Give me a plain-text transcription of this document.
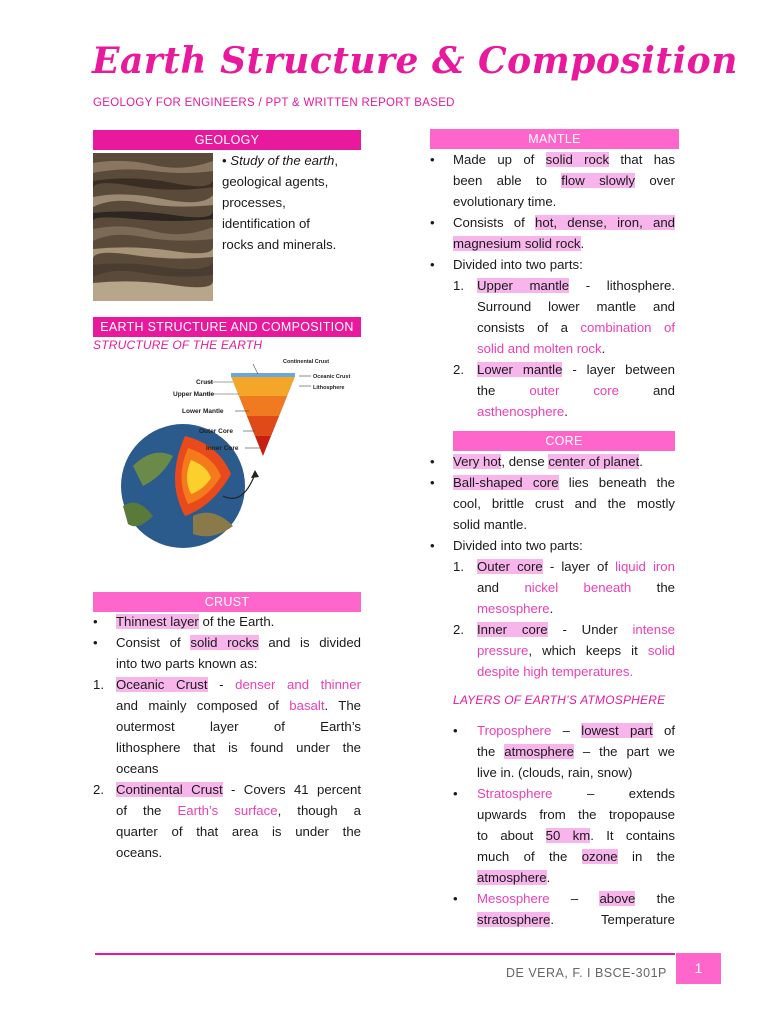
Earth Structure & Composition
GEOLOGY FOR ENGINEERS / PPT & WRITTEN REPORT BASED
GEOLOGY
• Study of the earth,
geological agents,
processes,
identification of
rocks and minerals.
EARTH STRUCTURE AND COMPOSITION
STRUCTURE OF THE EARTH
Continental Crust
Oceanic Crust
Lithosphere
Crust
Upper Mantle
Lower Mantle
Outer Core
Inner Core
CRUST
• Thinnest layer of the Earth.
• Consist of solid rocks and is divided
into two parts known as:
1. Oceanic Crust - denser and thinner
and mainly composed of basalt. The
outermost	layer	of	Earth’s
lithosphere that is found under the
oceans
2. Continental Crust - Covers 41 percent
of the Earth’s surface, though a
quarter of that area is under the
oceans.
MANTLE
• Made up of solid rock that has
been able to flow slowly over
evolutionary time.
• Consists of hot, dense, iron, and
magnesium solid rock.
• Divided into two parts:
1. Upper mantle - lithosphere.
Surround lower mantle and
consists of a combination of
solid and molten rock.
2. Lower mantle - layer between
the	outer core	and
asthenosphere.
CORE
• Very hot, dense center of planet.
• Ball-shaped core lies beneath the
cool, brittle crust and the mostly
solid mantle.
• Divided into two parts:
1. Outer core - layer of liquid iron
and nickel beneath the
mesosphere.
2. Inner core - Under intense
pressure, which keeps it solid
despite high temperatures.
LAYERS OF EARTH’S ATMOSPHERE
• Troposphere – lowest part of
the atmosphere – the part we
live in. (clouds, rain, snow)
• Stratosphere	–	extends
upwards from the tropopause
to about 50 km. It contains
much of the ozone in the
atmosphere.
• Mesosphere – above the
stratosphere. Temperature
DE VERA, F. I BSCE-301P	1
